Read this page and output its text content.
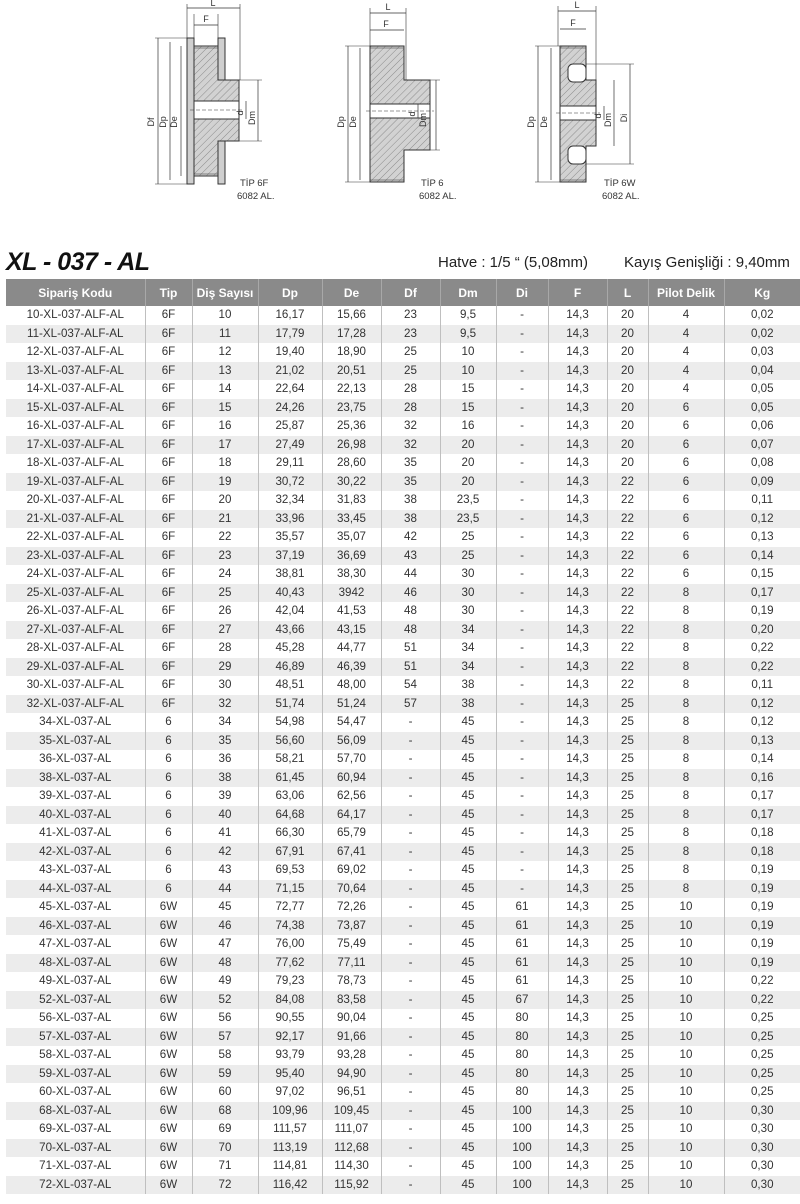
L
F
Df Dp De
d Dm
L
F
Dp De
d Dm
L
F
Dp De
d Dm Di
TİP 6F
6082 AL.
TİP 6
6082 AL.
TİP 6W
6082 AL.
XL - 037 - AL	Hatve : 1/5 “ (5,08mm) Kayış Genişliği : 9,40mm
Sipariş Kodu	Tip	Diş Sayısı	Dp	De	Df	Dm	Di	F	L	Pilot Delik	Kg
10-XL-037-ALF-AL	6F	10	16,17	15,66	23	9,5	-	14,3	20	4	0,02
11-XL-037-ALF-AL	6F	11	17,79	17,28	23	9,5	-	14,3	20	4	0,02
12-XL-037-ALF-AL	6F	12	19,40	18,90	25	10	-	14,3	20	4	0,03
13-XL-037-ALF-AL	6F	13	21,02	20,51	25	10	-	14,3	20	4	0,04
14-XL-037-ALF-AL	6F	14	22,64	22,13	28	15	-	14,3	20	4	0,05
15-XL-037-ALF-AL	6F	15	24,26	23,75	28	15	-	14,3	20	6	0,05
16-XL-037-ALF-AL	6F	16	25,87	25,36	32	16	-	14,3	20	6	0,06
17-XL-037-ALF-AL	6F	17	27,49	26,98	32	20	-	14,3	20	6	0,07
18-XL-037-ALF-AL	6F	18	29,11	28,60	35	20	-	14,3	20	6	0,08
19-XL-037-ALF-AL	6F	19	30,72	30,22	35	20	-	14,3	22	6	0,09
20-XL-037-ALF-AL	6F	20	32,34	31,83	38	23,5	-	14,3	22	6	0,11
21-XL-037-ALF-AL	6F	21	33,96	33,45	38	23,5	-	14,3	22	6	0,12
22-XL-037-ALF-AL	6F	22	35,57	35,07	42	25	-	14,3	22	6	0,13
23-XL-037-ALF-AL	6F	23	37,19	36,69	43	25	-	14,3	22	6	0,14
24-XL-037-ALF-AL	6F	24	38,81	38,30	44	30	-	14,3	22	6	0,15
25-XL-037-ALF-AL	6F	25	40,43	3942	46	30	-	14,3	22	8	0,17
26-XL-037-ALF-AL	6F	26	42,04	41,53	48	30	-	14,3	22	8	0,19
27-XL-037-ALF-AL	6F	27	43,66	43,15	48	34	-	14,3	22	8	0,20
28-XL-037-ALF-AL	6F	28	45,28	44,77	51	34	-	14,3	22	8	0,22
29-XL-037-ALF-AL	6F	29	46,89	46,39	51	34	-	14,3	22	8	0,22
30-XL-037-ALF-AL	6F	30	48,51	48,00	54	38	-	14,3	22	8	0,11
32-XL-037-ALF-AL	6F	32	51,74	51,24	57	38	-	14,3	25	8	0,12
34-XL-037-AL	6	34	54,98	54,47	-	45	-	14,3	25	8	0,12
35-XL-037-AL	6	35	56,60	56,09	-	45	-	14,3	25	8	0,13
36-XL-037-AL	6	36	58,21	57,70	-	45	-	14,3	25	8	0,14
38-XL-037-AL	6	38	61,45	60,94	-	45	-	14,3	25	8	0,16
39-XL-037-AL	6	39	63,06	62,56	-	45	-	14,3	25	8	0,17
40-XL-037-AL	6	40	64,68	64,17	-	45	-	14,3	25	8	0,17
41-XL-037-AL	6	41	66,30	65,79	-	45	-	14,3	25	8	0,18
42-XL-037-AL	6	42	67,91	67,41	-	45	-	14,3	25	8	0,18
43-XL-037-AL	6	43	69,53	69,02	-	45	-	14,3	25	8	0,19
44-XL-037-AL	6	44	71,15	70,64	-	45	-	14,3	25	8	0,19
45-XL-037-AL	6W	45	72,77	72,26	-	45	61	14,3	25	10	0,19
46-XL-037-AL	6W	46	74,38	73,87	-	45	61	14,3	25	10	0,19
47-XL-037-AL	6W	47	76,00	75,49	-	45	61	14,3	25	10	0,19
48-XL-037-AL	6W	48	77,62	77,11	-	45	61	14,3	25	10	0,19
49-XL-037-AL	6W	49	79,23	78,73	-	45	61	14,3	25	10	0,22
52-XL-037-AL	6W	52	84,08	83,58	-	45	67	14,3	25	10	0,22
56-XL-037-AL	6W	56	90,55	90,04	-	45	80	14,3	25	10	0,25
57-XL-037-AL	6W	57	92,17	91,66	-	45	80	14,3	25	10	0,25
58-XL-037-AL	6W	58	93,79	93,28	-	45	80	14,3	25	10	0,25
59-XL-037-AL	6W	59	95,40	94,90	-	45	80	14,3	25	10	0,25
60-XL-037-AL	6W	60	97,02	96,51	-	45	80	14,3	25	10	0,25
68-XL-037-AL	6W	68	109,96	109,45	-	45	100	14,3	25	10	0,30
69-XL-037-AL	6W	69	111,57	111,07	-	45	100	14,3	25	10	0,30
70-XL-037-AL	6W	70	113,19	112,68	-	45	100	14,3	25	10	0,30
71-XL-037-AL	6W	71	114,81	114,30	-	45	100	14,3	25	10	0,30
72-XL-037-AL	6W	72	116,42	115,92	-	45	100	14,3	25	10	0,30
